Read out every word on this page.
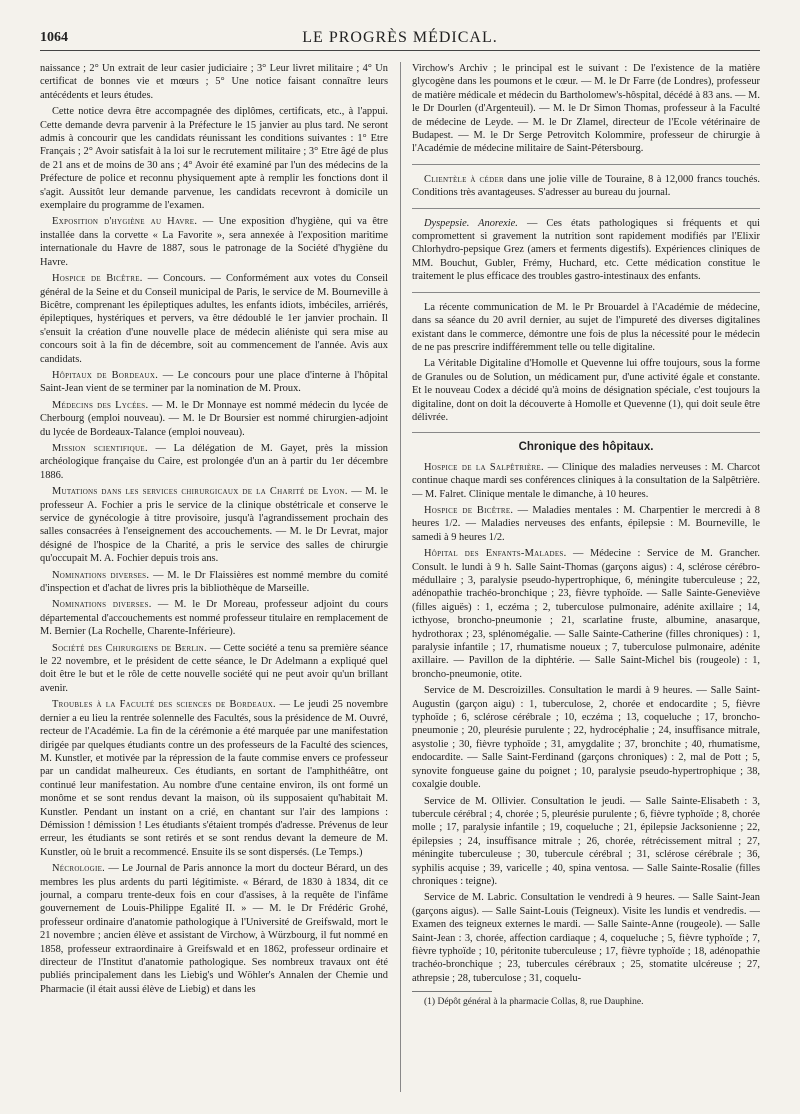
1064	LE PROGRÈS MÉDICAL.

naissance ; 2° Un extrait de leur casier judiciaire ; 3° Leur livret militaire ; 4° Un certificat de bonnes vie et mœurs ; 5° Une notice faisant connaître leurs antécédents et leurs études.

Cette notice devra être accompagnée des diplômes, certificats, etc., à l'appui. Cette demande devra parvenir à la Préfecture le 15 janvier au plus tard. Ne seront admis à concourir que les candidats réunissant les conditions suivantes : 1° Etre Français ; 2° Avoir satisfait à la loi sur le recrutement militaire ; 3° Etre âgé de plus de 21 ans et de moins de 30 ans ; 4° Avoir été examiné par l'un des médecins de la Préfecture de police et reconnu physiquement apte à remplir les fonctions dont il s'agit. Aussitôt leur demande parvenue, les candidats recevront à domicile un exemplaire du programme de l'examen.

Exposition d'hygiène au Havre. — Une exposition d'hygiène, qui va être installée dans la corvette « La Favorite », sera annexée à l'exposition maritime internationale du Havre de 1887, sous le patronage de la Société d'hygiène du Havre.

Hospice de Bicêtre. — Concours. — Conformément aux votes du Conseil général de la Seine et du Conseil municipal de Paris, le service de M. Bourneville à Bicêtre, comprenant les épileptiques adultes, les enfants idiots, imbéciles, arriérés, épileptiques, hystériques et pervers, va être dédoublé le 1er janvier prochain. Il s'ensuit la création d'une nouvelle place de médecin aliéniste qui sera mise au concours soit à la fin de décembre, soit au commencement de l'année. Avis aux candidats.

Hôpitaux de Bordeaux. — Le concours pour une place d'interne à l'hôpital Saint-Jean vient de se terminer par la nomination de M. Proux.

Médecins des Lycées. — M. le Dr Monnaye est nommé médecin du lycée de Cherbourg (emploi nouveau). — M. le Dr Boursier est nommé chirurgien-adjoint du lycée de Bordeaux-Talance (emploi nouveau).

Mission scientifique. — La délégation de M. Gayet, près la mission archéologique française du Caire, est prolongée d'un an à partir du 1er décembre 1886.

Mutations dans les services chirurgicaux de la Charité de Lyon. — M. le professeur A. Fochier a pris le service de la clinique obstétricale et conserve le service de gynécologie à titre provisoire, jusqu'à l'agrandissement prochain des salles consacrées à l'enseignement des accouchements. — M. le Dr Levrat, major désigné de l'hospice de la Charité, a pris le service des salles de chirurgie qu'occupait M. A. Fochier depuis trois ans.

Nominations diverses. — M. le Dr Flaissières est nommé membre du comité d'inspection et d'achat de livres pris la bibliothèque de Marseille.

Nominations diverses. — M. le Dr Moreau, professeur adjoint du cours départemental d'accouchements est nommé professeur titulaire en remplacement de M. Bernier (La Rochelle, Charente-Inférieure).

Société des Chirurgiens de Berlin. — Cette société a tenu sa première séance le 22 novembre, et le président de cette séance, le Dr Adelmann a expliqué quel doit être le but et le rôle de cette nouvelle société qui ne peut avoir qu'un brillant avenir.

Troubles à la Faculté des sciences de Bordeaux. — Le jeudi 25 novembre dernier a eu lieu la rentrée solennelle des Facultés, sous la présidence de M. Ouvré, recteur de l'Académie. La fin de la cérémonie a été marquée par une manifestation dirigée par quelques étudiants contre un des professeurs de la Faculté des sciences, M. Kunstler, et motivée par la répression de la faute commise envers ce professeur par un candidat malheureux. Ces étudiants, en sortant de l'amphithéâtre, ont continué leur manifestation. Au nombre d'une centaine environ, ils ont formé un monôme et se sont rendus devant la maison, où ils supposaient qu'habitait M. Kunstler. Pendant un instant on a crié, en chantant sur l'air des lampions : Démission ! démission ! Les étudiants s'étaient trompés d'adresse. Prévenus de leur erreur, les étudiants se sont retirés et se sont rendus devant la demeure de M. Kunstler, où le bruit a recommencé. Ensuite ils se sont dispersés. (Le Temps.)

Nécrologie. — Le Journal de Paris annonce la mort du docteur Bérard, un des membres les plus ardents du parti légitimiste. « Bérard, de 1830 à 1834, dit ce journal, a comparu trente-deux fois en cour d'assises, à la requête de l'infâme gouvernement de Louis-Philippe Egalité II. » — M. le Dr Frédéric Grohé, professeur ordinaire d'anatomie pathologique à l'Université de Greifswald, mort le 21 novembre ; ancien élève et assistant de Virchow, à Würzbourg, il fut nommé en 1858, professeur extraordinaire à Greifswald et en 1862, professeur ordinaire et directeur de l'Institut d'anatomie pathologique. Ses nombreux travaux ont été publiés principalement dans les Liebig's und Wöhler's Annalen der Chemie und Pharmacie (il était aussi élève de Liebig) et dans les

Virchow's Archiv ; le principal est le suivant : De l'existence de la matière glycogène dans les poumons et le cœur. — M. le Dr Farre (de Londres), professeur de matière médicale et médecin du Bartholomew's-hôspital, décédé à 83 ans. — M. le Dr Dourlen (d'Argenteuil). — M. le Dr Simon Thomas, professeur à la Faculté de médecine de Leyde. — M. le Dr Zlamel, directeur de l'Ecole vétérinaire de Budapest. — M. le Dr Serge Petrovitch Kolommire, professeur de chirurgie à l'Académie de médecine militaire de Saint-Pétersbourg.

Clientèle à céder dans une jolie ville de Touraine, 8 à 12,000 francs touchés. Conditions très avantageuses. S'adresser au bureau du journal.

Dyspepsie. Anorexie. — Ces états pathologiques si fréquents et qui compromettent si gravement la nutrition sont rapidement modifiés par l'Elixir Chlorhydro-pepsique Grez (amers et ferments digestifs). Expériences cliniques de MM. Bouchut, Gubler, Frémy, Huchard, etc. Cette médication constitue le traitement le plus efficace des troubles gastro-intestinaux des enfants.

La récente communication de M. le Pr Brouardel à l'Académie de médecine, dans sa séance du 20 avril dernier, au sujet de l'impureté des diverses digitalines existant dans le commerce, démontre une fois de plus la nécessité pour le médecin de ne pas prescrire indifféremment telle ou telle digitaline.

La Véritable Digitaline d'Homolle et Quevenne lui offre toujours, sous la forme de Granules ou de Solution, un médicament pur, d'une activité égale et constante. Et le nouveau Codex a décidé qu'à moins de désignation spéciale, c'est toujours la digitaline, dont on doit la découverte à Homolle et Quevenne (1), qui doit seule être délivrée.

Chronique des hôpitaux.

Hospice de la Salpêtrière. — Clinique des maladies nerveuses : M. Charcot continue chaque mardi ses conférences cliniques à la consultation de la Salpêtrière. — M. Falret. Clinique mentale le dimanche, à 10 heures.

Hospice de Bicêtre. — Maladies mentales : M. Charpentier le mercredi à 8 heures 1/2. — Maladies nerveuses des enfants, épilepsie : M. Bourneville, le samedi à 9 heures 1/2.

Hôpital des Enfants-Malades. — Médecine : Service de M. Grancher. Consult. le lundi à 9 h. Salle Saint-Thomas (garçons aigus) : 4, sclérose cérébro-médullaire ; 3, paralysie pseudo-hypertrophique, 6, méningite tuberculeuse ; 22, adénopathie trachéo-bronchique ; 23, fièvre typhoïde. — Salle Sainte-Geneviève (filles aiguës) : 1, eczéma ; 2, tuberculose pulmonaire, adénite axillaire ; 14, icthyose, broncho-pneumonie ; 21, scarlatine fruste, albumine, anasarque, hydrothorax ; 23, splénomégalie. — Salle Sainte-Catherine (filles chroniques) : 1, paralysie infantile ; 17, rhumatisme noueux ; 7, tuberculose pulmonaire, adénite axillaire. — Pavillon de la diphtérie. — Salle Saint-Michel bis (rougeole) : 1, broncho-pneumonie, otite.

Service de M. Descroizilles. Consultation le mardi à 9 heures. — Salle Saint-Augustin (garçon aigu) : 1, tuberculose, 2, chorée et endocardite ; 5, fièvre typhoïde ; 6, sclérose cérébrale ; 10, eczéma ; 13, coqueluche ; 17, broncho-pneumonie ; 20, pleurésie purulente ; 22, hydrocéphalie ; 24, insuffisance mitrale, asystolie ; 30, fièvre typhoïde ; 31, amygdalite ; 37, bronchite ; 40, rhumatisme, endocardite. — Salle Saint-Ferdinand (garçons chroniques) : 2, mal de Pott ; 5, synovite fongueuse gaine du poignet ; 10, paralysie pseudo-hypertrophique ; 38, coxalgie double.

Service de M. Ollivier. Consultation le jeudi. — Salle Sainte-Elisabeth : 3, tubercule cérébral ; 4, chorée ; 5, pleurésie purulente ; 6, fièvre typhoïde ; 8, chorée molle ; 17, paralysie infantile ; 19, coqueluche ; 21, épilepsie Jacksonienne ; 22, épilepsies ; 24, insuffisance mitrale ; 26, chorée, rétrécissement mitral ; 27, méningite tuberculeuse ; 30, tubercule cérébral ; 31, sclérose cérébrale ; 36, syphilis acquise ; 39, varicelle ; 40, spina ventosa. — Salle Sainte-Rosalie (filles chroniques : teigne).

Service de M. Labric. Consultation le vendredi à 9 heures. — Salle Saint-Jean (garçons aigus). — Salle Saint-Louis (Teigneux). Visite les lundis et vendredis. — Examen des teigneux externes le mardi. — Salle Sainte-Anne (rougeole). — Salle Saint-Jean : 3, chorée, affection cardiaque ; 4, coqueluche ; 5, fièvre typhoïde ; 7, fièvre typhoïde ; 10, péritonite tuberculeuse ; 17, fièvre typhoïde ; 18, adénopathie trachéo-bronchique ; 23, tubercules cérébraux ; 25, stomatite ulcéreuse ; 27, athrepsie ; 28, tuberculose ; 31, coquelu-

(1) Dépôt général à la pharmacie Collas, 8, rue Dauphine.
